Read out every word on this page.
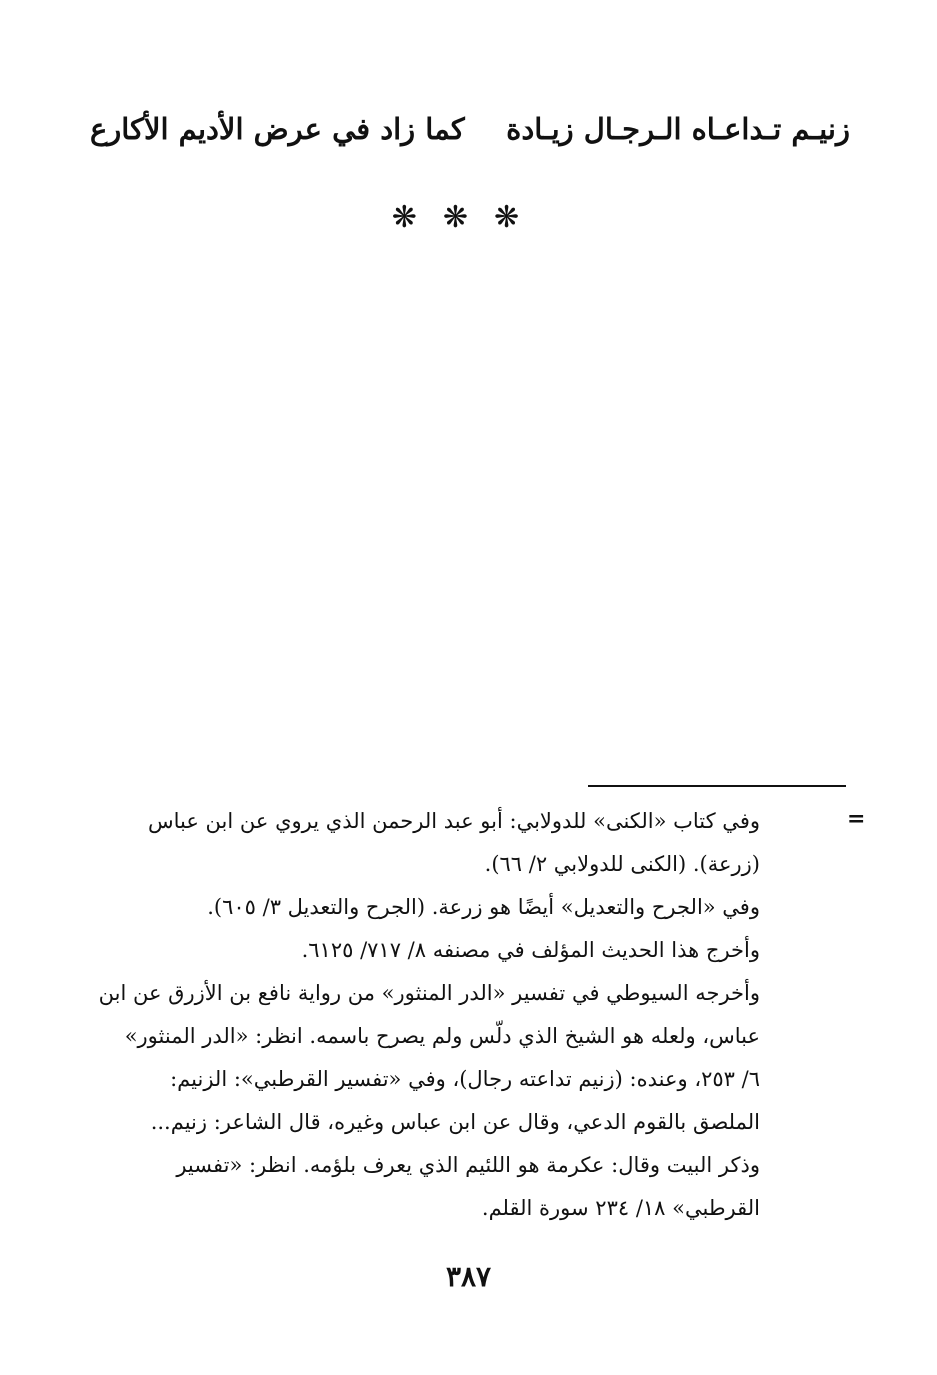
زنيـم تـداعـاه الـرجـال زيـادة
كما زاد في عرض الأديم الأكارع
❋❋❋
=

وفي كتاب «الكنى» للدولابي: أبو عبد الرحمن الذي يروي عن ابن عباس

(زرعة). (الكنى للدولابي ٢/ ٦٦).

وفي «الجرح والتعديل» أيضًا هو زرعة. (الجرح والتعديل ٣/ ٦٠٥).

وأخرج هذا الحديث المؤلف في مصنفه ٨/ ٧١٧/ ٦١٢٥.

وأخرجه السيوطي في تفسير «الدر المنثور» من رواية نافع بن الأزرق عن ابن

عباس، ولعله هو الشيخ الذي دلّس ولم يصرح باسمه. انظر: «الدر المنثور»

٦/ ٢٥٣، وعنده: (زنيم تداعته رجال)، وفي «تفسير القرطبي»: الزنيم:

الملصق بالقوم الدعي، وقال عن ابن عباس وغيره، قال الشاعر: زنيم...

وذكر البيت وقال: عكرمة هو اللئيم الذي يعرف بلؤمه. انظر: «تفسير

القرطبي» ١٨/ ٢٣٤ سورة القلم.

٣٨٧
